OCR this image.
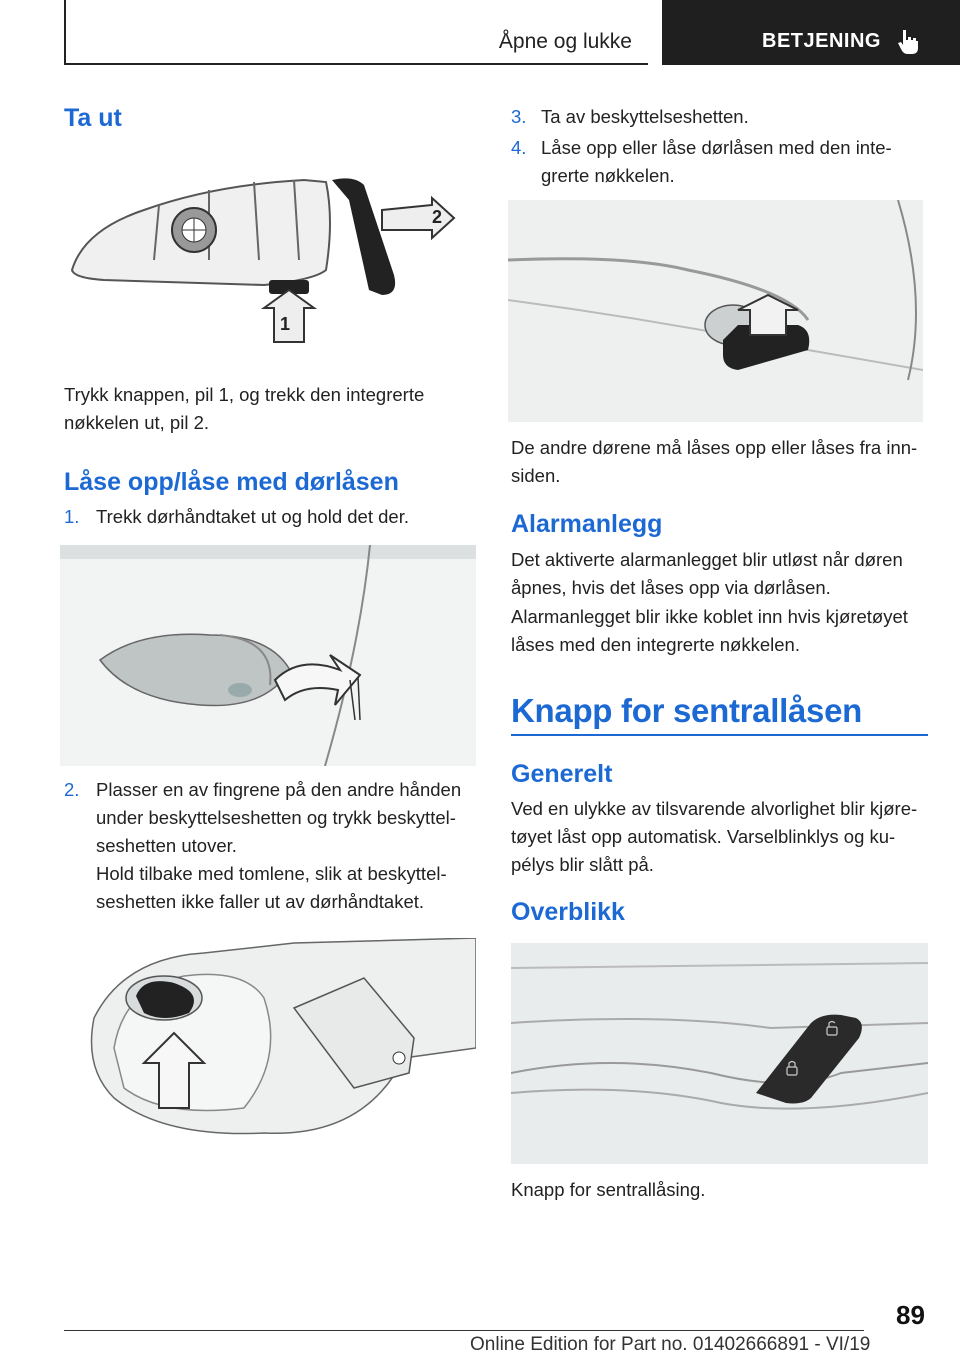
Åpne og lukke	BETJENING
Ta ut
2
1
Trykk knappen, pil 1, og trekk den integrerte nøkkelen ut, pil 2.
Låse opp/låse med dørlåsen
1. Trekk dørhåndtaket ut og hold det der.
2. Plasser en av fingrene på den andre hånden under beskyttelseshetten og trykk beskyttel-seshetten utover.
Hold tilbake med tomlene, slik at beskyttel-seshetten ikke faller ut av dørhåndtaket.
3. Ta av beskyttelseshetten.
4. Låse opp eller låse dørlåsen med den inte-grerte nøkkelen.
De andre dørene må låses opp eller låses fra inn-siden.
Alarmanlegg
Det aktiverte alarmanlegget blir utløst når døren åpnes, hvis det låses opp via dørlåsen.
Alarmanlegget blir ikke koblet inn hvis kjøretøyet låses med den integrerte nøkkelen.
Knapp for sentrallåsen
Generelt
Ved en ulykke av tilsvarende alvorlighet blir kjøre-tøyet låst opp automatisk. Varselblinklys og ku-pélys blir slått på.
Overblikk
Knapp for sentrallåsing.
89
Online Edition for Part no. 01402666891 - VI/19
